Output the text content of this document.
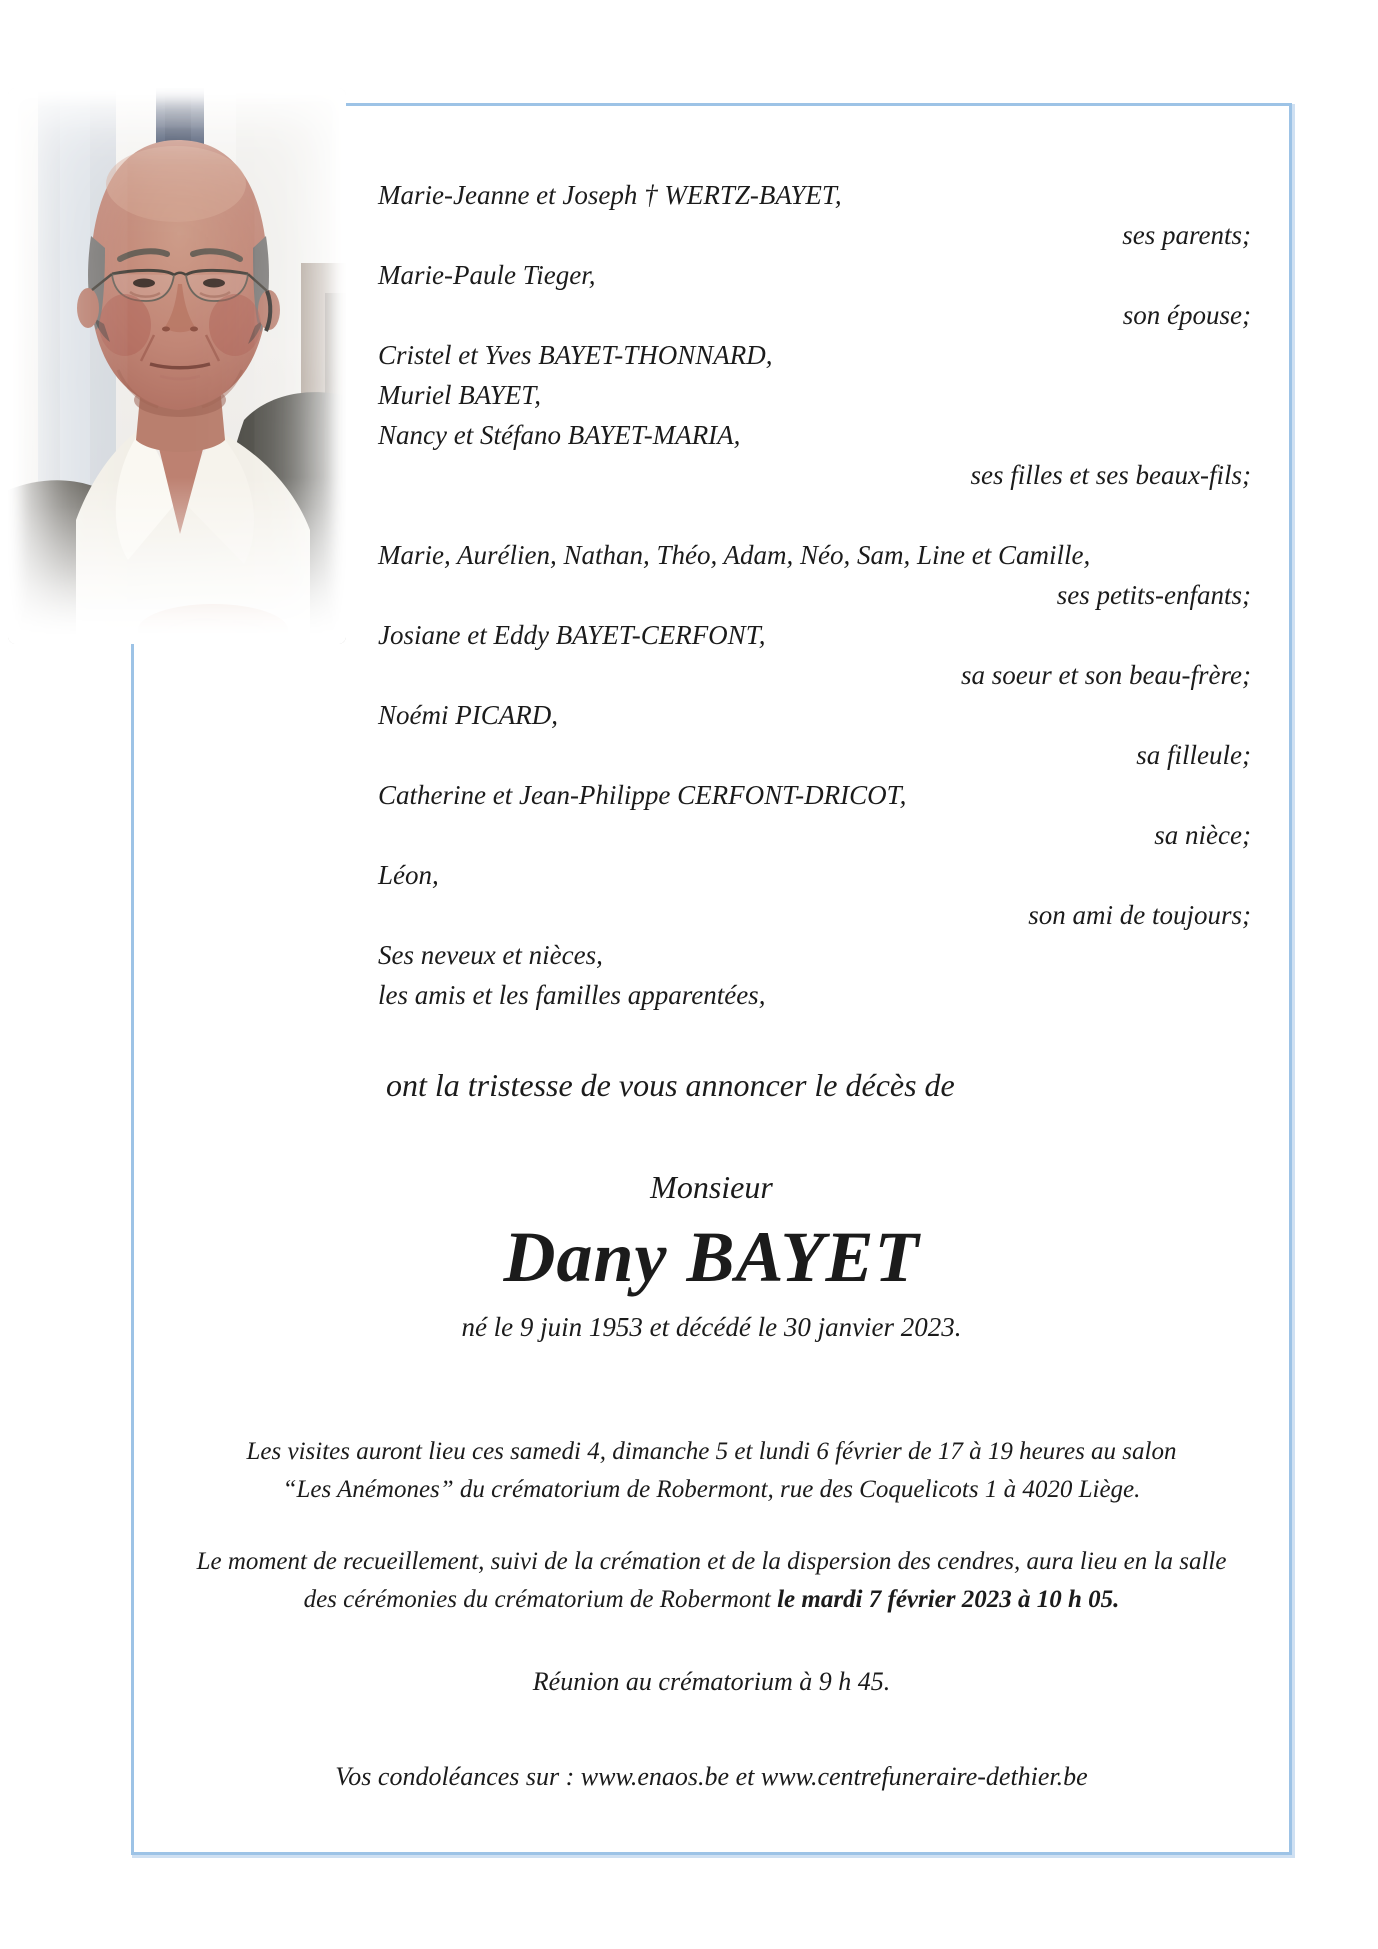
Marie-Jeanne et Joseph † WERTZ-BAYET,
ses parents;
Marie-Paule Tieger,
son épouse;
Cristel et Yves BAYET-THONNARD,
Muriel BAYET,
Nancy et Stéfano BAYET-MARIA,
ses filles et ses beaux-fils;
Marie, Aurélien, Nathan, Théo, Adam, Néo, Sam, Line et Camille,
ses petits-enfants;
Josiane et Eddy BAYET-CERFONT,
sa soeur et son beau-frère;
Noémi PICARD,
sa filleule;
Catherine et Jean-Philippe CERFONT-DRICOT,
sa nièce;
Léon,
son ami de toujours;
Ses neveux et nièces,
les amis et les familles apparentées,
ont la tristesse de vous annoncer le décès de
Monsieur
Dany BAYET
né le 9 juin 1953 et décédé le 30 janvier 2023.
Les visites auront lieu ces samedi 4, dimanche 5 et lundi 6 février de 17 à 19 heures au salon
“Les Anémones” du crématorium de Robermont, rue des Coquelicots 1 à 4020 Liège.
Le moment de recueillement, suivi de la crémation et de la dispersion des cendres, aura lieu en la salle
des cérémonies du crématorium de Robermont le mardi 7 février 2023 à 10 h 05.
Réunion au crématorium à 9 h 45.
Vos condoléances sur : www.enaos.be et www.centrefuneraire-dethier.be
